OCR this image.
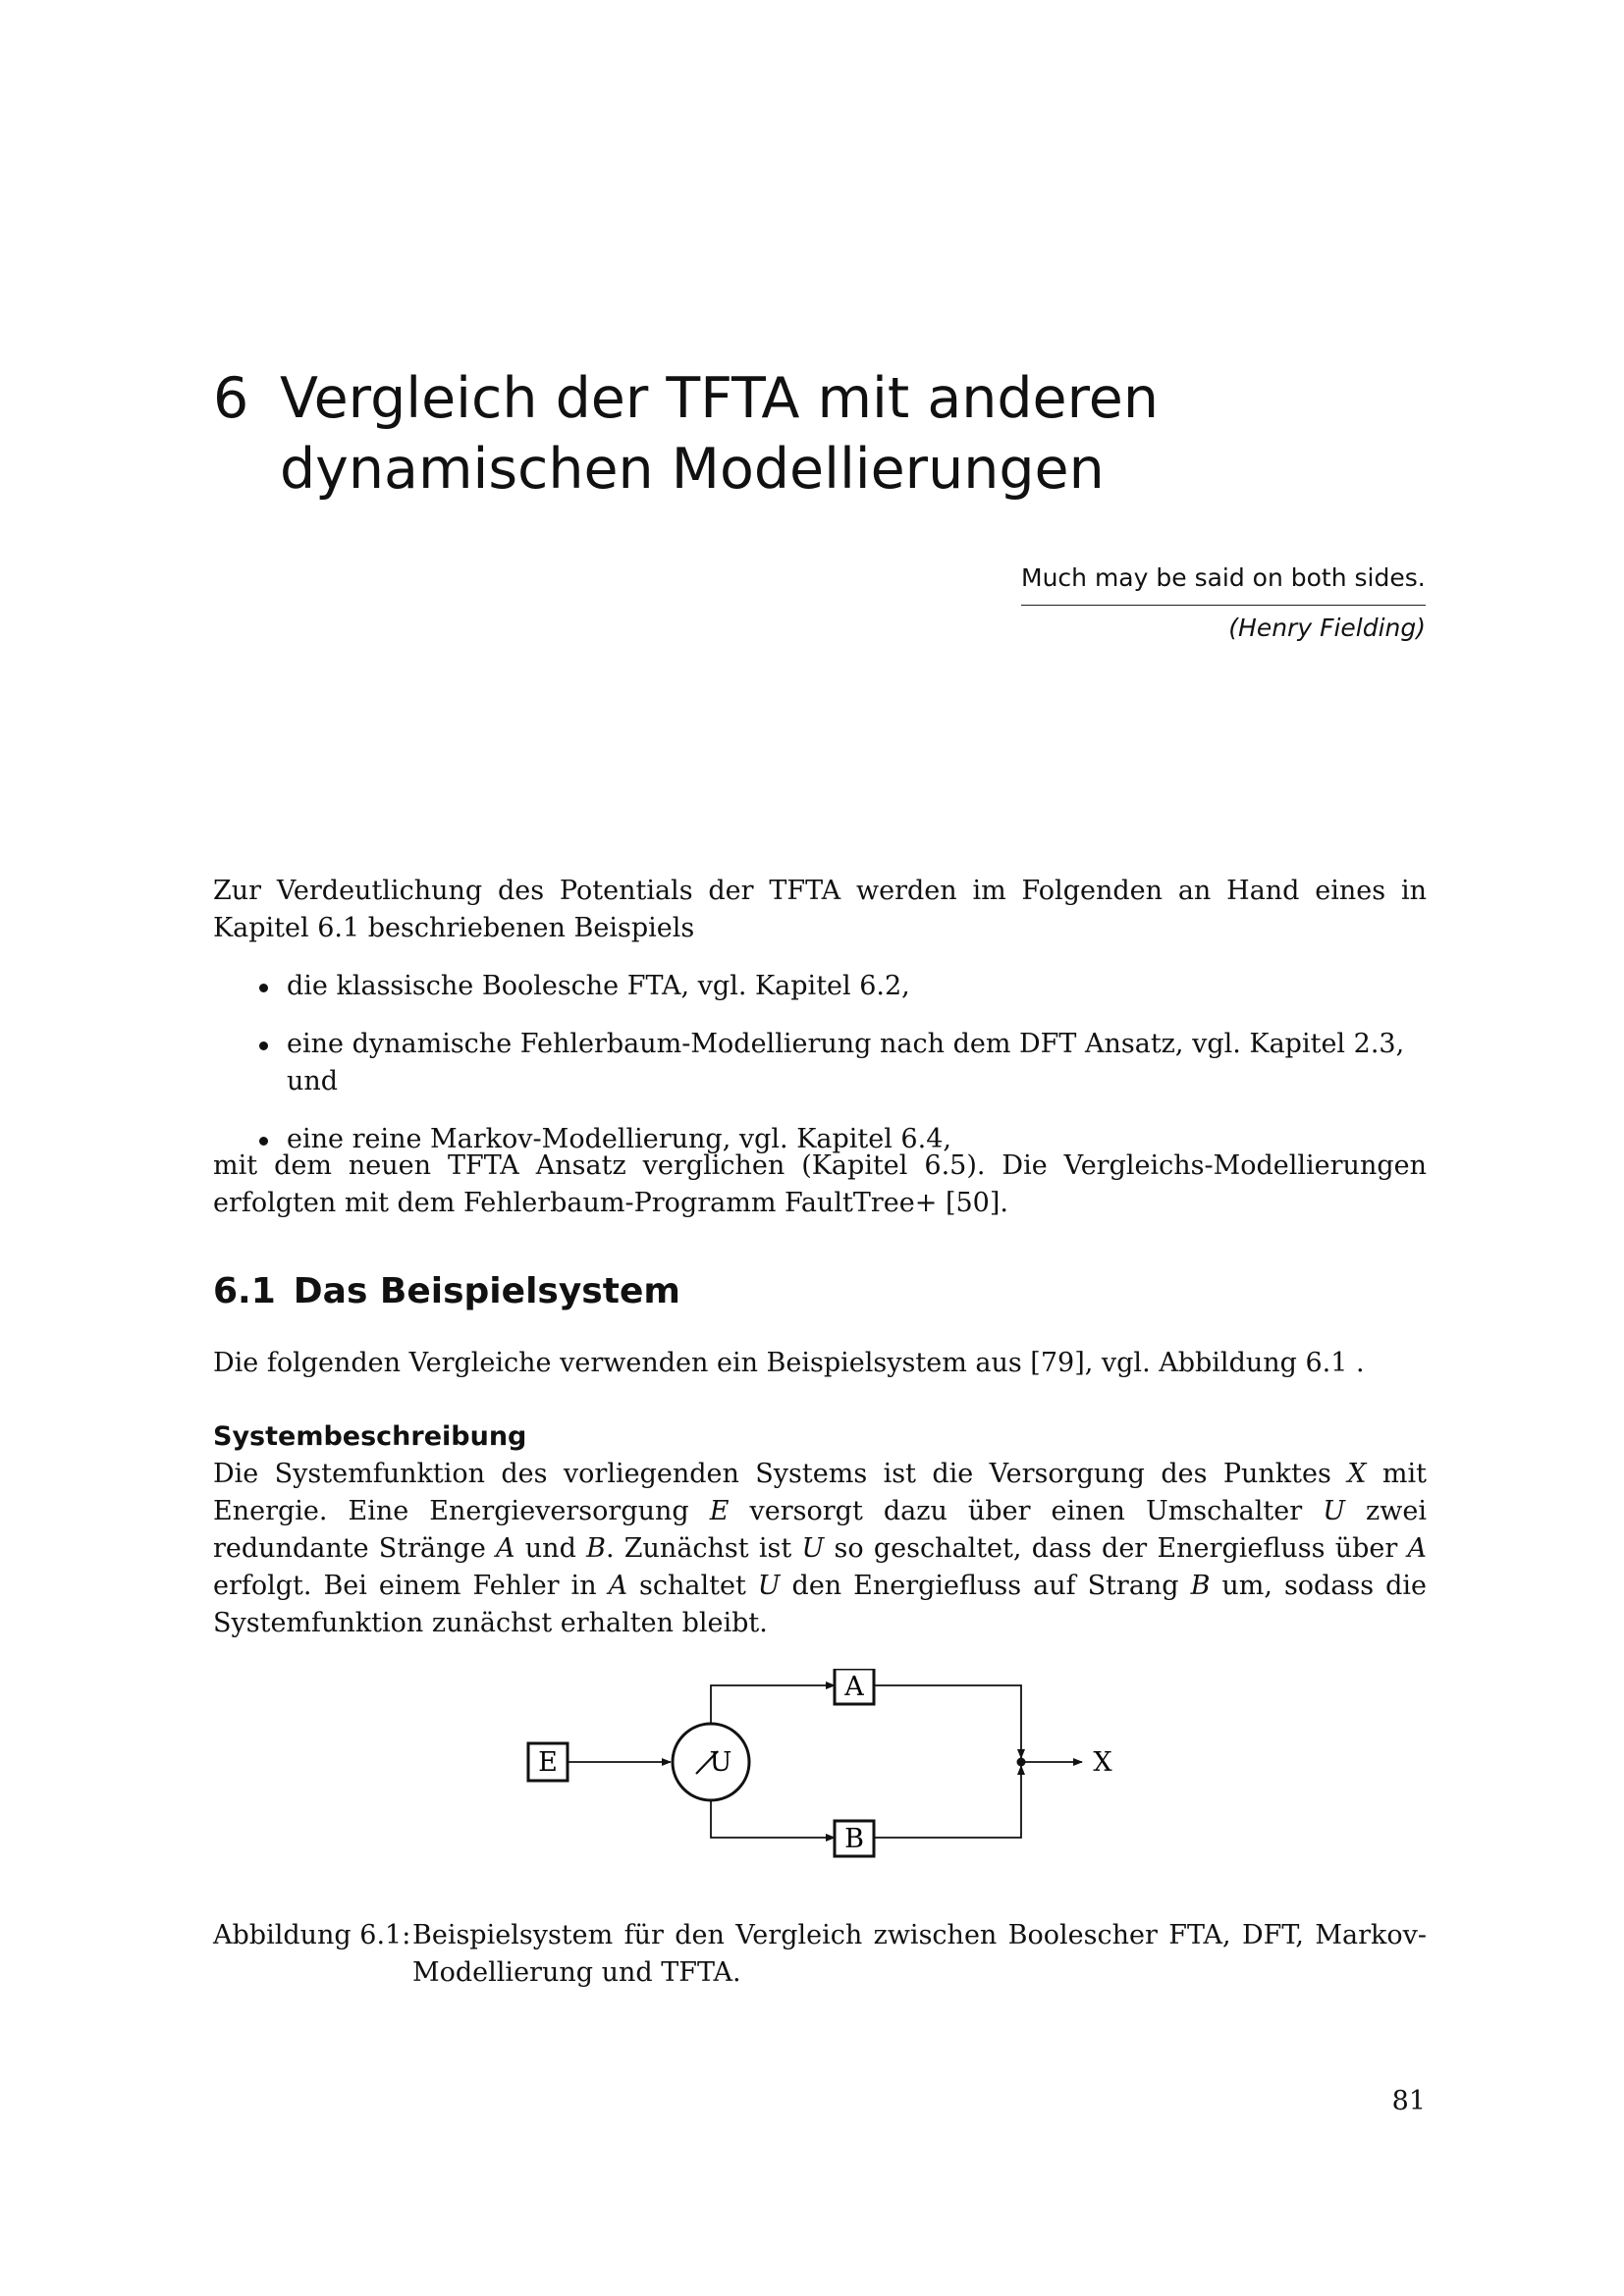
6 Vergleich der TFTA mit anderen dynamischen Modellierungen
Much may be said on both sides.
(Henry Fielding)

Zur Verdeutlichung des Potentials der TFTA werden im Folgenden an Hand eines in Kapitel 6.1 beschriebenen Beispiels

die klassische Boolesche FTA, vgl. Kapitel 6.2,
eine dynamische Fehlerbaum-Modellierung nach dem DFT Ansatz, vgl. Kapitel 2.3, und
eine reine Markov-Modellierung, vgl. Kapitel 6.4,

mit dem neuen TFTA Ansatz verglichen (Kapitel 6.5). Die Vergleichs-Modellierungen erfolgten mit dem Fehlerbaum-Programm FaultTree+ [50].

6.1 Das Beispielsystem

Die folgenden Vergleiche verwenden ein Beispielsystem aus [79], vgl. Abbildung 6.1 .

Systembeschreibung

Die Systemfunktion des vorliegenden Systems ist die Versorgung des Punktes X mit Energie. Eine Energieversorgung E versorgt dazu über einen Umschalter U zwei redundante Stränge A und B. Zunächst ist U so geschaltet, dass der Energiefluss über A erfolgt. Bei einem Fehler in A schaltet U den Energiefluss auf Strang B um, sodass die Systemfunktion zunächst erhalten bleibt.

E	U
A
B
X
Abbildung 6.1: Beispielsystem für den Vergleich zwischen Boolescher FTA, DFT, Markov-Modellierung und TFTA.
81
